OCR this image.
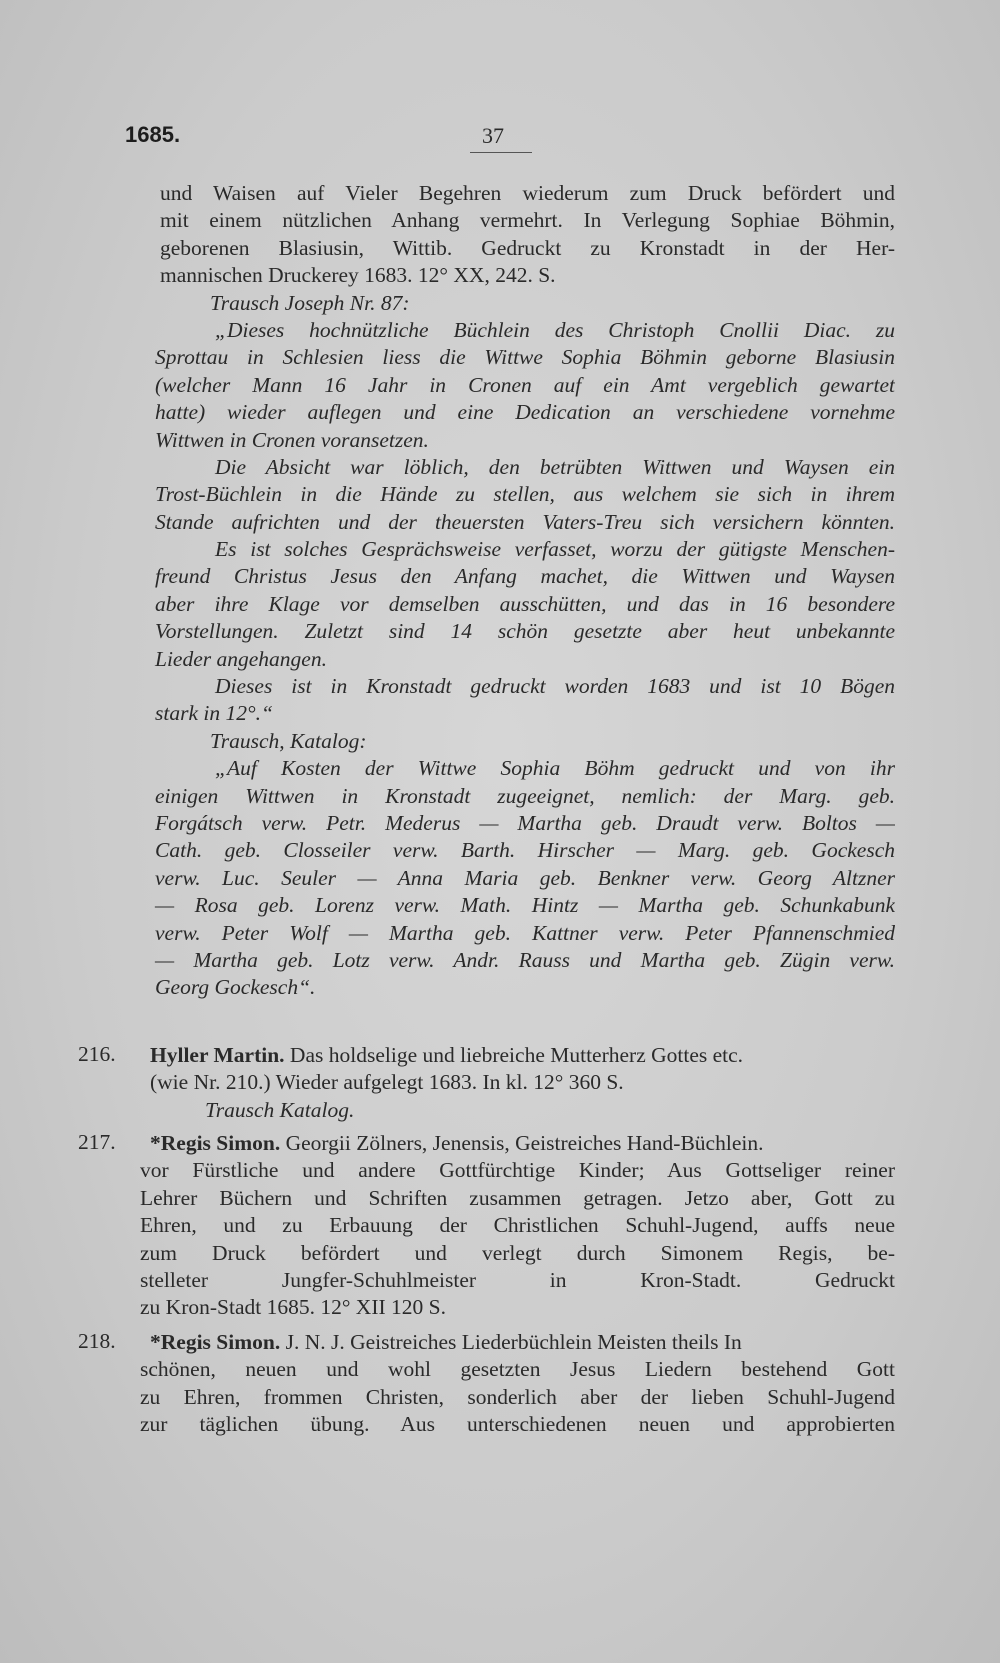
1685.	37
und Waisen auf Vieler Begehren wiederum zum Druck befördert und
mit einem nützlichen Anhang vermehrt. In Verlegung Sophiae Böhmin,
geborenen Blasiusin, Wittib. Gedruckt zu Kronstadt in der Her-
mannischen Druckerey 1683. 12° XX, 242. S.
Trausch Joseph Nr. 87:
„Dieses hochnützliche Büchlein des Christoph Cnollii Diac. zu
Sprottau in Schlesien liess die Wittwe Sophia Böhmin geborne Blasiusin
(welcher Mann 16 Jahr in Cronen auf ein Amt vergeblich gewartet
hatte) wieder auflegen und eine Dedication an verschiedene vornehme
Wittwen in Cronen voransetzen.
Die Absicht war löblich, den betrübten Wittwen und Waysen ein
Trost-Büchlein in die Hände zu stellen, aus welchem sie sich in ihrem
Stande aufrichten und der theuersten Vaters-Treu sich versichern könnten.
Es ist solches Gesprächsweise verfasset, worzu der gütigste Menschen-
freund Christus Jesus den Anfang machet, die Wittwen und Waysen
aber ihre Klage vor demselben ausschütten, und das in 16 besondere
Vorstellungen. Zuletzt sind 14 schön gesetzte aber heut unbekannte
Lieder angehangen.
Dieses ist in Kronstadt gedruckt worden 1683 und ist 10 Bögen
stark in 12°.“
Trausch, Katalog:
„Auf Kosten der Wittwe Sophia Böhm gedruckt und von ihr
einigen Wittwen in Kronstadt zugeeignet, nemlich: der Marg. geb.
Forgátsch verw. Petr. Mederus — Martha geb. Draudt verw. Boltos —
Cath. geb. Closseiler verw. Barth. Hirscher — Marg. geb. Gockesch
verw. Luc. Seuler — Anna Maria geb. Benkner verw. Georg Altzner
— Rosa geb. Lorenz verw. Math. Hintz — Martha geb. Schunkabunk
verw. Peter Wolf — Martha geb. Kattner verw. Peter Pfannenschmied
— Martha geb. Lotz verw. Andr. Rauss und Martha geb. Zügin verw.
Georg Gockesch“.
216.	Hyller Martin. Das holdselige und liebreiche Mutterherz Gottes etc.
(wie Nr. 210.) Wieder aufgelegt 1683. In kl. 12° 360 S.
Trausch Katalog.
217.	*Regis Simon. Georgii Zölners, Jenensis, Geistreiches Hand-Büchlein.
vor Fürstliche und andere Gottfürchtige Kinder; Aus Gottseliger reiner
Lehrer Büchern und Schriften zusammen getragen. Jetzo aber, Gott zu
Ehren, und zu Erbauung der Christlichen Schuhl-Jugend, auffs neue
zum Druck befördert und verlegt durch Simonem Regis, be-
stelleter Jungfer-Schuhlmeister in Kron-Stadt. Gedruckt
zu Kron-Stadt 1685. 12° XII 120 S.
218.	*Regis Simon. J. N. J. Geistreiches Liederbüchlein Meisten theils In
schönen, neuen und wohl gesetzten Jesus Liedern bestehend Gott
zu Ehren, frommen Christen, sonderlich aber der lieben Schuhl-Jugend
zur täglichen übung. Aus unterschiedenen neuen und approbierten
